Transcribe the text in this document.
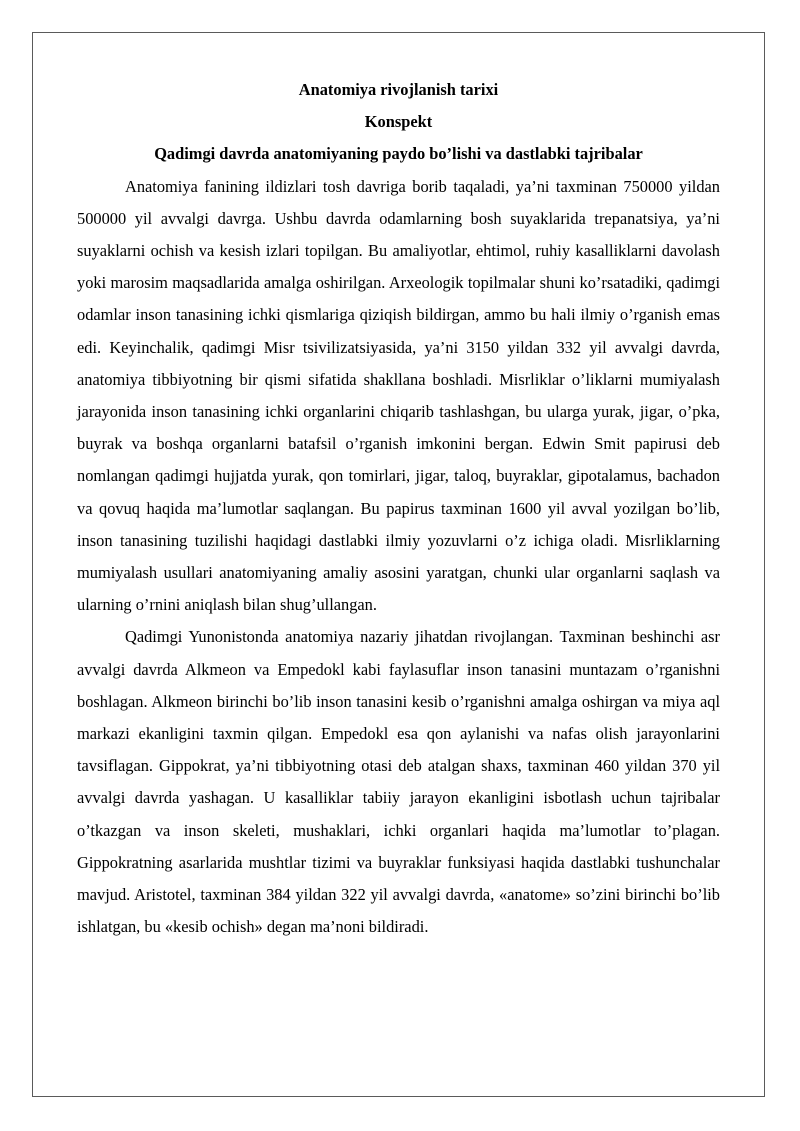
Anatomiya rivojlanish tarixi

Konspekt

Qadimgi davrda anatomiyaning paydo bo’lishi va dastlabki tajribalar

Anatomiya fanining ildizlari tosh davriga borib taqaladi, ya’ni taxminan 750000 yildan 500000 yil avvalgi davrga. Ushbu davrda odamlarning bosh suyaklarida trepanatsiya, ya’ni suyaklarni ochish va kesish izlari topilgan. Bu amaliyotlar, ehtimol, ruhiy kasalliklarni davolash yoki marosim maqsadlarida amalga oshirilgan. Arxeologik topilmalar shuni ko’rsatadiki, qadimgi odamlar inson tanasining ichki qismlariga qiziqish bildirgan, ammo bu hali ilmiy o’rganish emas edi. Keyinchalik, qadimgi Misr tsivilizatsiyasida, ya’ni 3150 yildan 332 yil avvalgi davrda, anatomiya tibbiyotning bir qismi sifatida shakllana boshladi. Misrliklar o’liklarni mumiyalash jarayonida inson tanasining ichki organlarini chiqarib tashlashgan, bu ularga yurak, jigar, o’pka, buyrak va boshqa organlarni batafsil o’rganish imkonini bergan. Edwin Smit papirusi deb nomlangan qadimgi hujjatda yurak, qon tomirlari, jigar, taloq, buyraklar, gipotalamus, bachadon va qovuq haqida ma’lumotlar saqlangan. Bu papirus taxminan 1600 yil avval yozilgan bo’lib, inson tanasining tuzilishi haqidagi dastlabki ilmiy yozuvlarni o’z ichiga oladi. Misrliklarning mumiyalash usullari anatomiyaning amaliy asosini yaratgan, chunki ular organlarni saqlash va ularning o’rnini aniqlash bilan shug’ullangan.

Qadimgi Yunonistonda anatomiya nazariy jihatdan rivojlangan. Taxminan beshinchi asr avvalgi davrda Alkmeon va Empedokl kabi faylasuflar inson tanasini muntazam o’rganishni boshlagan. Alkmeon birinchi bo’lib inson tanasini kesib o’rganishni amalga oshirgan va miya aql markazi ekanligini taxmin qilgan. Empedokl esa qon aylanishi va nafas olish jarayonlarini tavsiflagan. Gippokrat, ya’ni tibbiyotning otasi deb atalgan shaxs, taxminan 460 yildan 370 yil avvalgi davrda yashagan. U kasalliklar tabiiy jarayon ekanligini isbotlash uchun tajribalar o’tkazgan va inson skeleti, mushaklari, ichki organlari haqida ma’lumotlar to’plagan. Gippokratning asarlarida mushtlar tizimi va buyraklar funksiyasi haqida dastlabki tushunchalar mavjud. Aristotel, taxminan 384 yildan 322 yil avvalgi davrda, «anatome» so’zini birinchi bo’lib ishlatgan, bu «kesib ochish» degan ma’noni bildiradi.
